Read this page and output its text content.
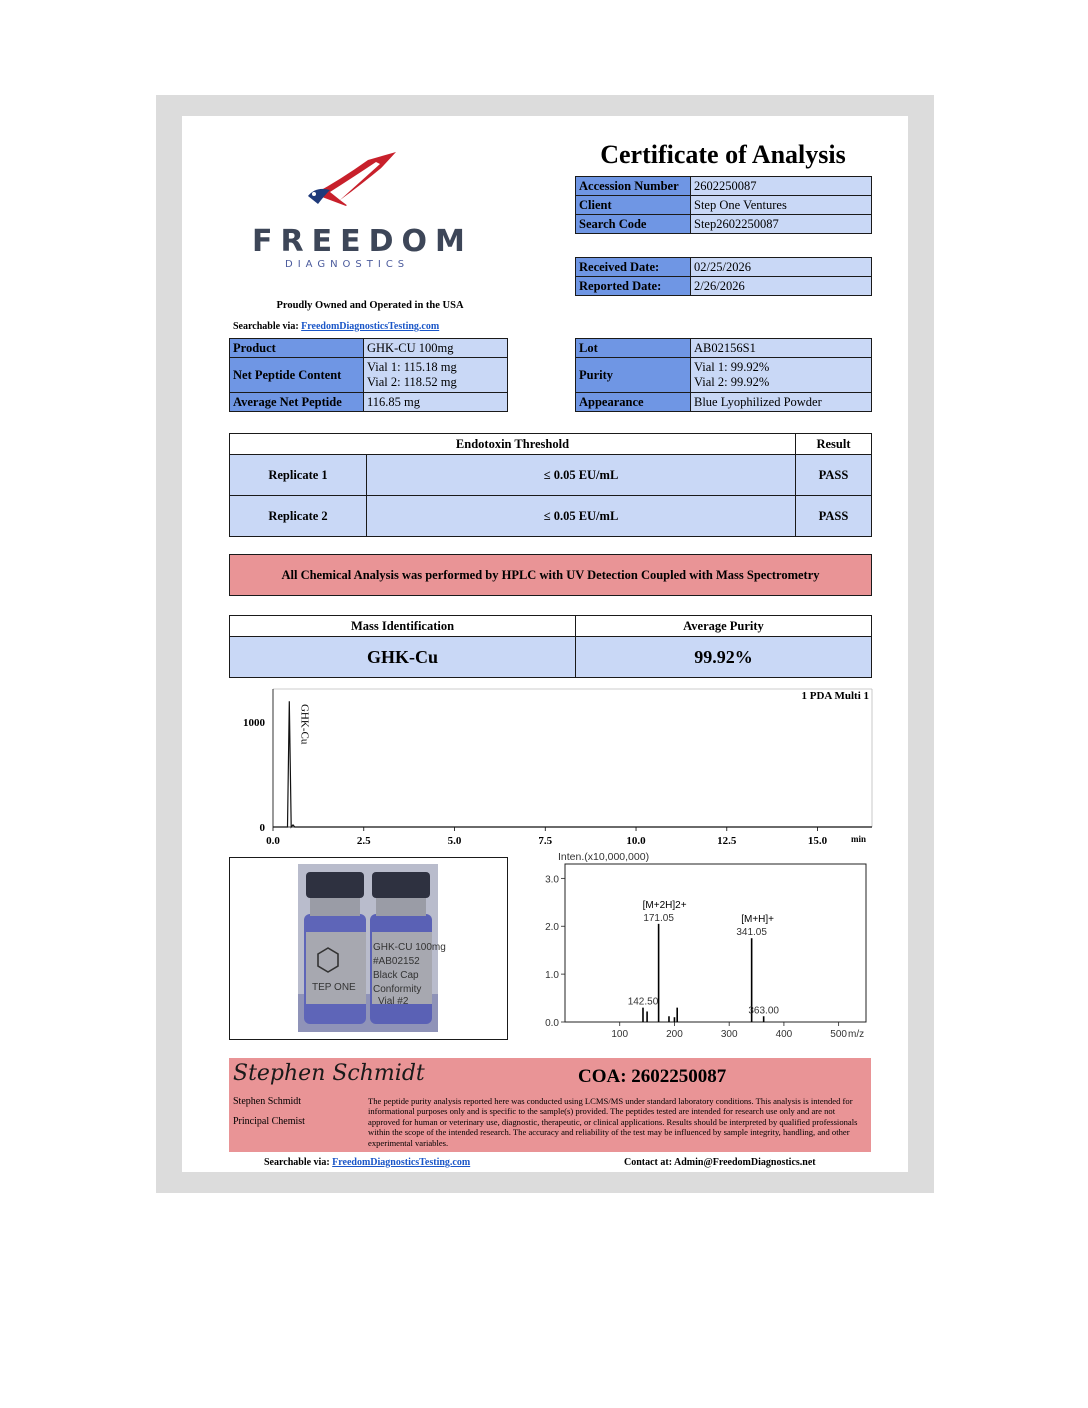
FREEDOM
DIAGNOSTICS
Proudly Owned and Operated in the USA
Searchable via: FreedomDiagnosticsTesting.com
Certificate of Analysis
Accession Number	2602250087
Client	Step One Ventures
Search Code	Step2602250087
Received Date:	02/25/2026
Reported Date:	2/26/2026
Product	GHK-CU 100mg
Net Peptide Content	Vial 1: 115.18 mg
Vial 2: 118.52 mg

Average Net Peptide	116.85 mg
Lot	AB02156S1
Purity	Vial 1: 99.92%
Vial 2: 99.92%

Appearance	Blue Lyophilized Powder
Endotoxin Threshold		Result
Replicate 1	≤ 0.05 EU/mL	PASS
Replicate 2	≤ 0.05 EU/mL	PASS
All Chemical Analysis was performed by HPLC with UV Detection Coupled with Mass Spectrometry
Mass Identification	Average Purity
GHK-Cu	99.92%
1 PDA Multi 1
min
0.0	2.5	5.0	7.5	10.0	12.5	15.0
0
1000	GHK-Cu
TEP ONE
GHK-CU 100mg
#AB02152
Black Cap
Conformity
Vial #2
Inten.(x10,000,000)
m/z
100	200	300	400	500
0.0
1.0
2.0
3.0
142.50
171.05
[M+2H]2+
341.05
[M+H]+
363.00
Stephen Schmidt	COA: 2602250087
Stephen Schmidt
Principal Chemist
The peptide purity analysis reported here was conducted using LCMS/MS under standard laboratory conditions. This analysis is intended for informational purposes only and is specific to the sample(s) provided. The peptides tested are intended for research use only and are not approved for human or veterinary use, diagnostic, therapeutic, or clinical applications. Results should be interpreted by qualified professionals within the scope of the intended research. The accuracy and reliability of the test may be influenced by sample integrity, handling, and other experimental variables.
Searchable via: FreedomDiagnosticsTesting.com	Contact at: Admin@FreedomDiagnostics.net
